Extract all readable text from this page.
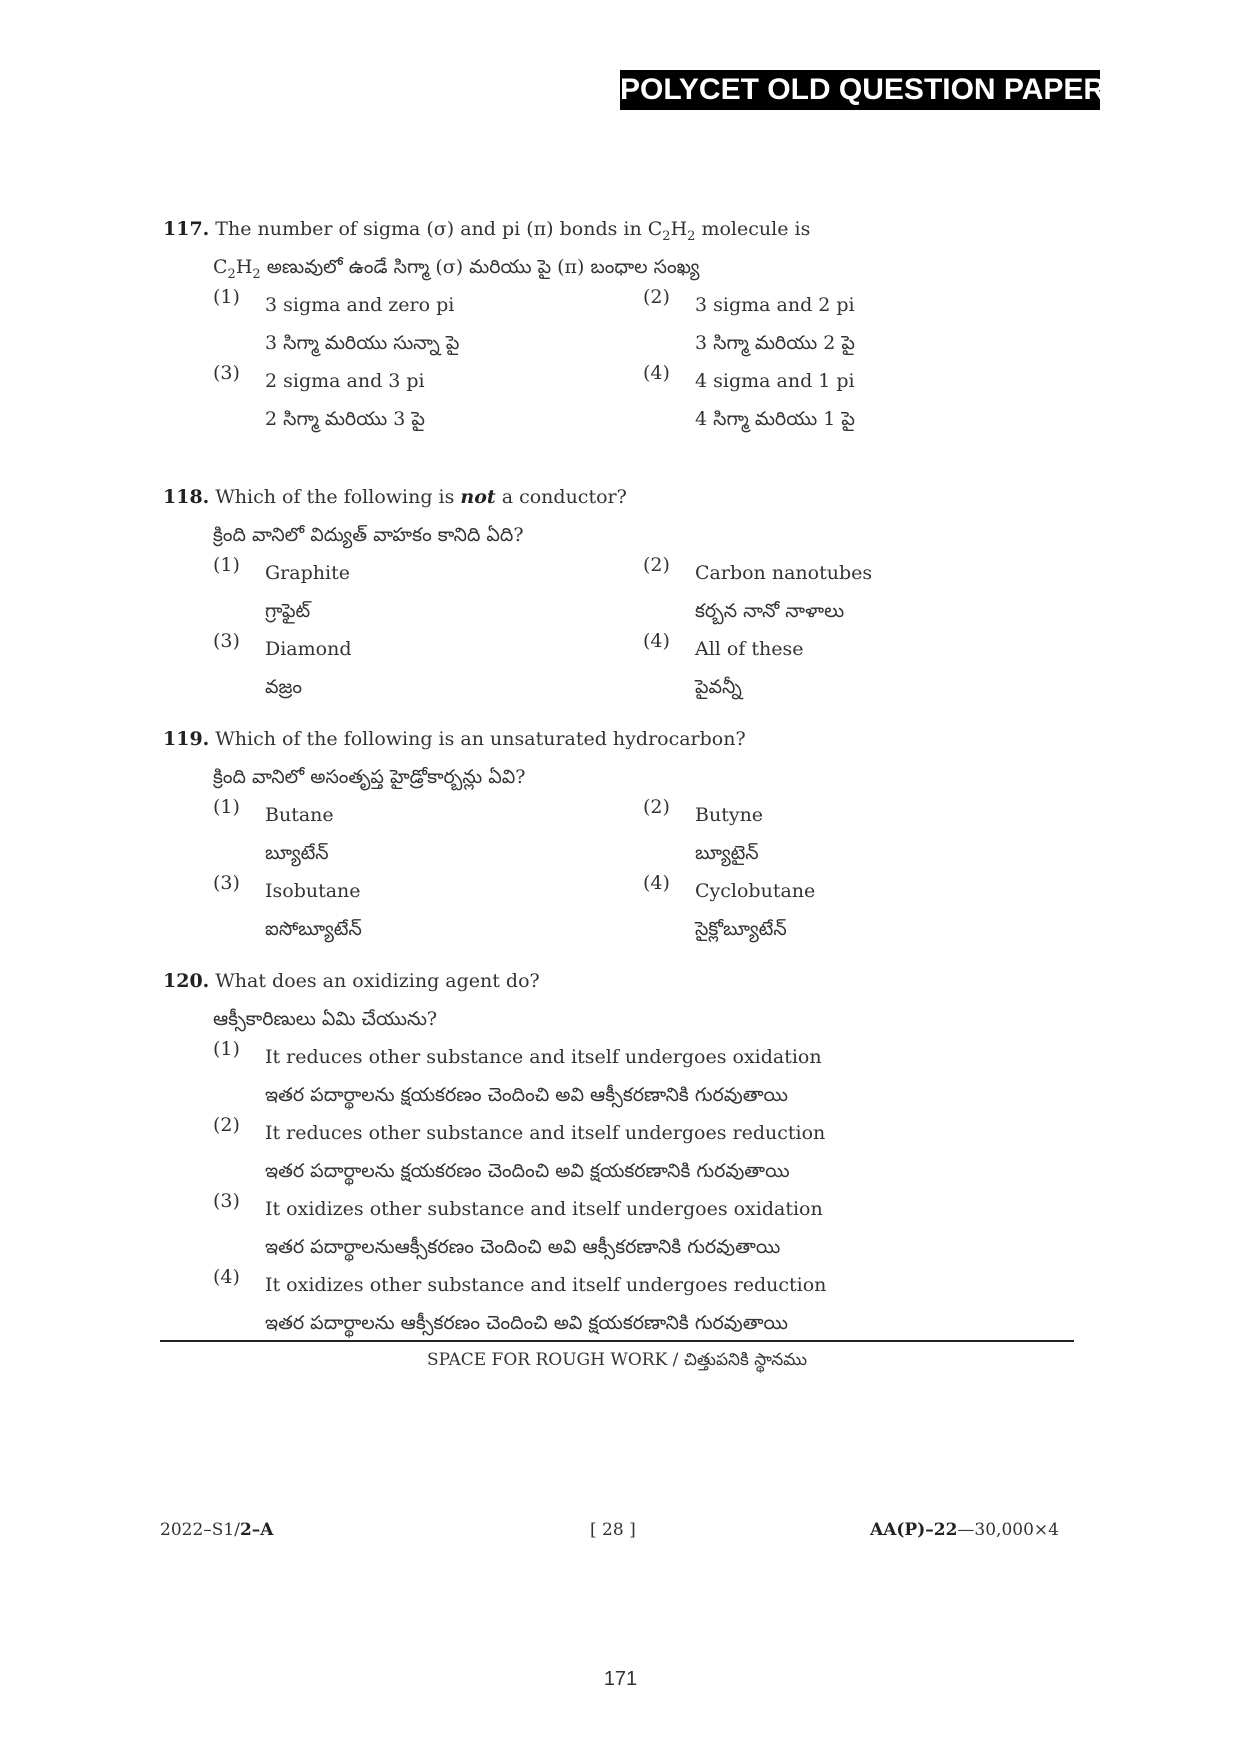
POLYCET OLD QUESTION PAPER
117. The number of sigma (σ) and pi (π) bonds in $C_2H_2$ molecule is
$C_2H_2$ అణువులో ఉండే సిగ్మా (σ) మరియు పై (π) బంధాల సంఖ్య
(1)	3 sigma and zero pi
3 సిగ్మా మరియు సున్నా పై
(2)	3 sigma and 2 pi
3 సిగ్మా మరియు 2 పై
(3)	2 sigma and 3 pi
2 సిగ్మా మరియు 3 పై
(4)	4 sigma and 1 pi
4 సిగ్మా మరియు 1 పై
118. Which of the following is not a conductor?
క్రింది వానిలో విద్యుత్ వాహకం కానిది ఏది?
(1)	Graphite
గ్రాఫైట్
(2)	Carbon nanotubes
కర్బన నానో నాళాలు
(3)	Diamond
వజ్రం
(4)	All of these
పైవన్నీ
119. Which of the following is an unsaturated hydrocarbon?
క్రింది వానిలో అసంతృప్త హైడ్రోకార్బన్లు ఏవి?
(1)	Butane
బ్యూటేన్
(2)	Butyne
బ్యూటైన్
(3)	Isobutane
ఐసోబ్యూటేన్
(4)	Cyclobutane
సైక్లోబ్యూటేన్
120. What does an oxidizing agent do?
ఆక్సీకారిణులు ఏమి చేయును?
(1)	It reduces other substance and itself undergoes oxidation
ఇతర పదార్థాలను క్షయకరణం చెందించి అవి ఆక్సీకరణానికి గురవుతాయి
(2)	It reduces other substance and itself undergoes reduction
ఇతర పదార్థాలను క్షయకరణం చెందించి అవి క్షయకరణానికి గురవుతాయి
(3)	It oxidizes other substance and itself undergoes oxidation
ఇతర పదార్థాలనుఆక్సీకరణం చెందించి అవి ఆక్సీకరణానికి గురవుతాయి
(4)	It oxidizes other substance and itself undergoes reduction
ఇతర పదార్థాలను ఆక్సీకరణం చెందించి అవి క్షయకరణానికి గురవుతాయి
SPACE FOR ROUGH WORK / చిత్తుపనికి స్థానము
2022–S1/2–A	[ 28 ]	AA(P)–22—30,000×4
171
